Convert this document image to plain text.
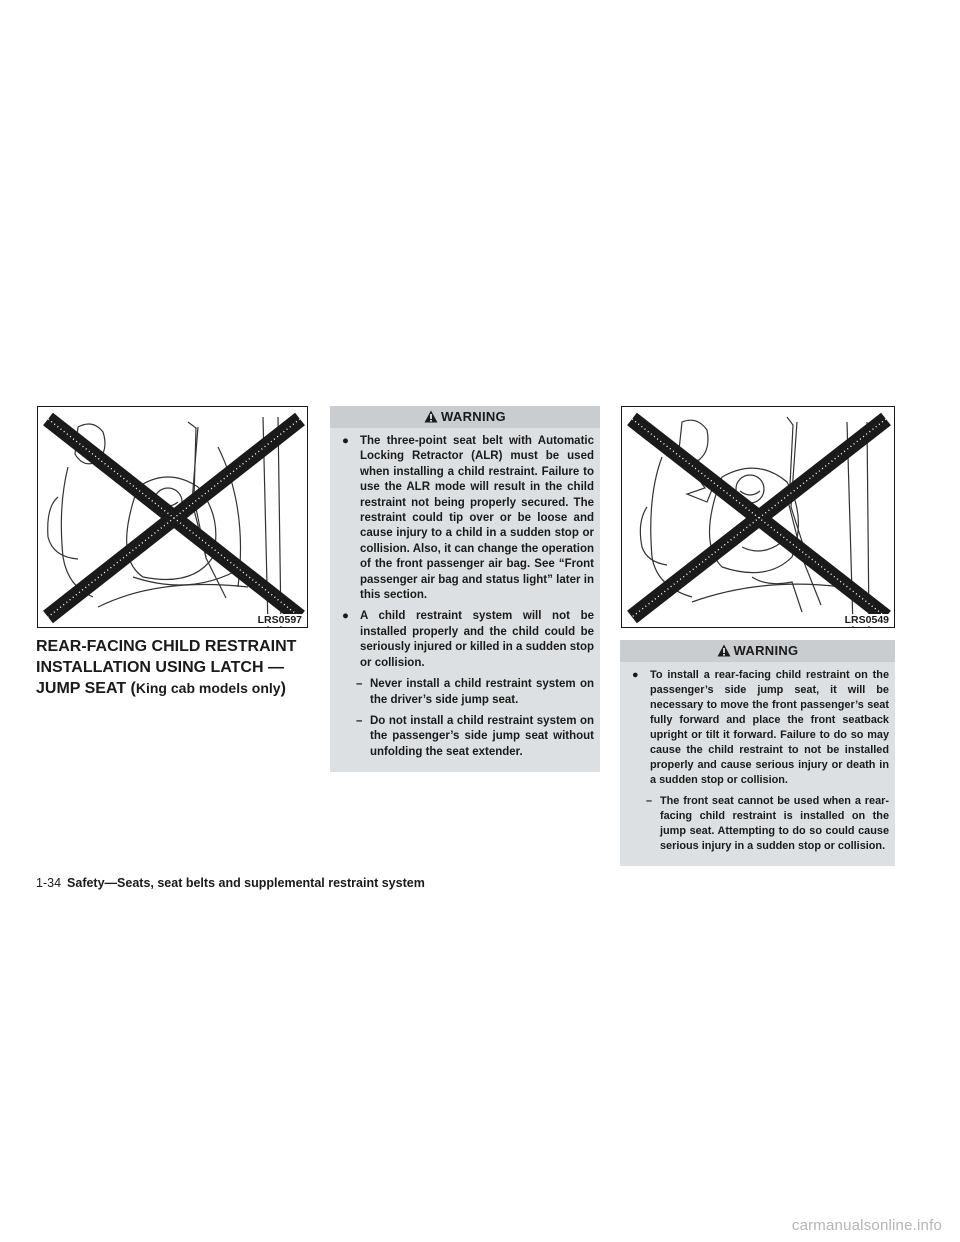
LRS0597
REAR-FACING CHILD RESTRAINT INSTALLATION USING LATCH — JUMP SEAT (King cab models only)
WARNING

● The three-point seat belt with Automatic Locking Retractor (ALR) must be used when installing a child restraint. Failure to use the ALR mode will result in the child restraint not being properly secured. The restraint could tip over or be loose and cause injury to a child in a sudden stop or collision. Also, it can change the operation of the front passenger air bag. See “Front passenger air bag and status light” later in this section.

● A child restraint system will not be installed properly and the child could be seriously injured or killed in a sudden stop or collision.

– Never install a child restraint system on the driver’s side jump seat.

– Do not install a child restraint system on the passenger’s side jump seat without unfolding the seat extender.

LRS0549
WARNING

● To install a rear-facing child restraint on the passenger’s side jump seat, it will be necessary to move the front passenger’s seat fully forward and place the front seatback upright or tilt it forward. Failure to do so may cause the child restraint to not be installed properly and cause serious injury or death in a sudden stop or collision.

– The front seat cannot be used when a rear-facing child restraint is installed on the jump seat. Attempting to do so could cause serious injury in a sudden stop or collision.

1-34 Safety—Seats, seat belts and supplemental restraint system
carmanualsonline.info
